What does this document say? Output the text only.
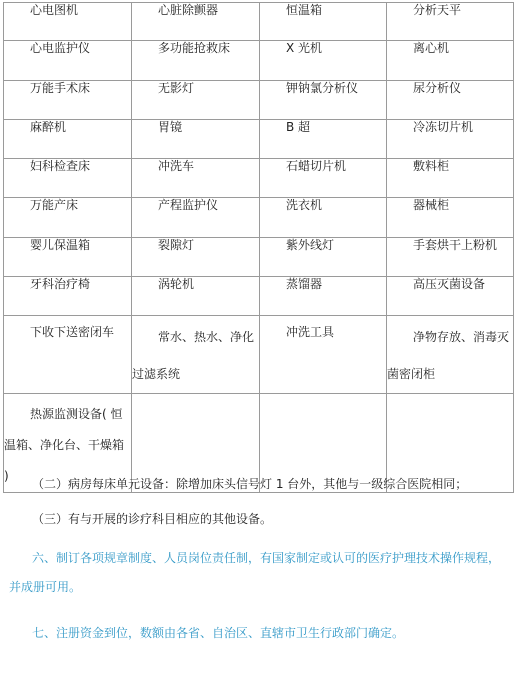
心电图机	心脏除颤器	恒温箱	分析天平

心电监护仪	多功能抢救床	X 光机	离心机

万能手术床	无影灯	钾钠氯分析仪	尿分析仪

麻醉机	胃镜	B 超	冷冻切片机

妇科检查床	冲洗车	石蜡切片机	敷料柜

万能产床	产程监护仪	洗衣机	器械柜

婴儿保温箱	裂隙灯	紫外线灯	手套烘干上粉机

牙科治疗椅	涡轮机	蒸馏器	高压灭菌设备

下收下送密闭车	常水、热水、净化过滤系统	冲洗工具	净物存放、消毒灭菌密闭柜

热源监测设备( 恒温箱、净化台、干燥箱 )			

（二）病房每床单元设备：除增加床头信号灯 1 台外，其他与一级综合医院相同；

（三）有与开展的诊疗科目相应的其他设备。

六、制订各项规章制度、人员岗位责任制，有国家制定或认可的医疗护理技术操作规程，并成册可用。

七、注册资金到位，数额由各省、自治区、直辖市卫生行政部门确定。
